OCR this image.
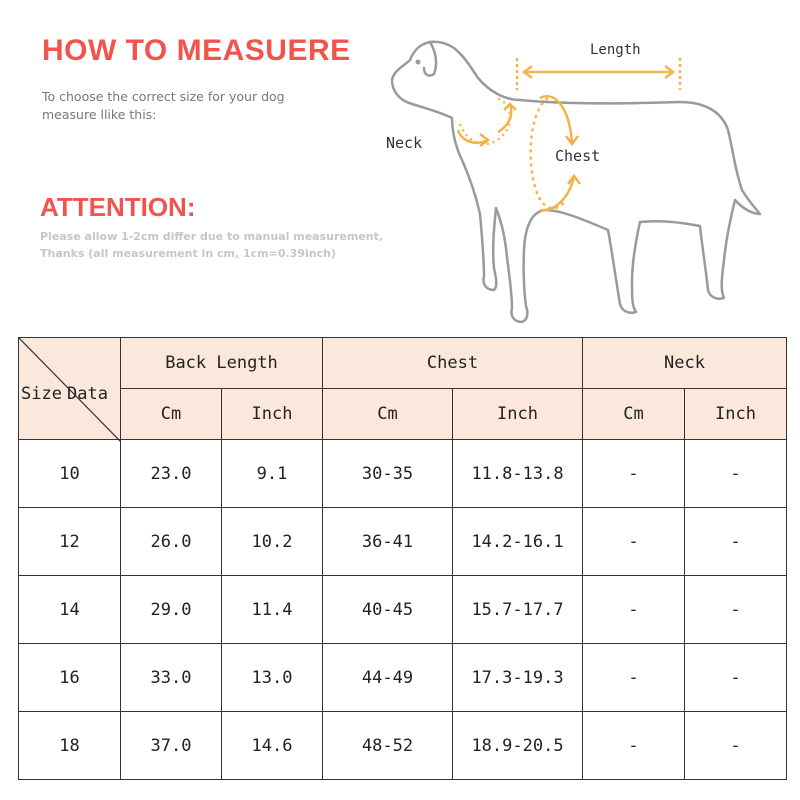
HOW TO MEASUERE
To choose the correct size for your dog measure llike this:
ATTENTION:
Please allow 1-2cm differ due to manual measurement,
Thanks (all measurement in cm, 1cm=0.39inch)
Length
Neck
Chest
Size Data	Back Length		Chest		Neck	
	Cm	Inch	Cm	Inch	Cm	Inch
10	23.0	9.1	30-35	11.8-13.8	-	-
12	26.0	10.2	36-41	14.2-16.1	-	-
14	29.0	11.4	40-45	15.7-17.7	-	-
16	33.0	13.0	44-49	17.3-19.3	-	-
18	37.0	14.6	48-52	18.9-20.5	-	-
